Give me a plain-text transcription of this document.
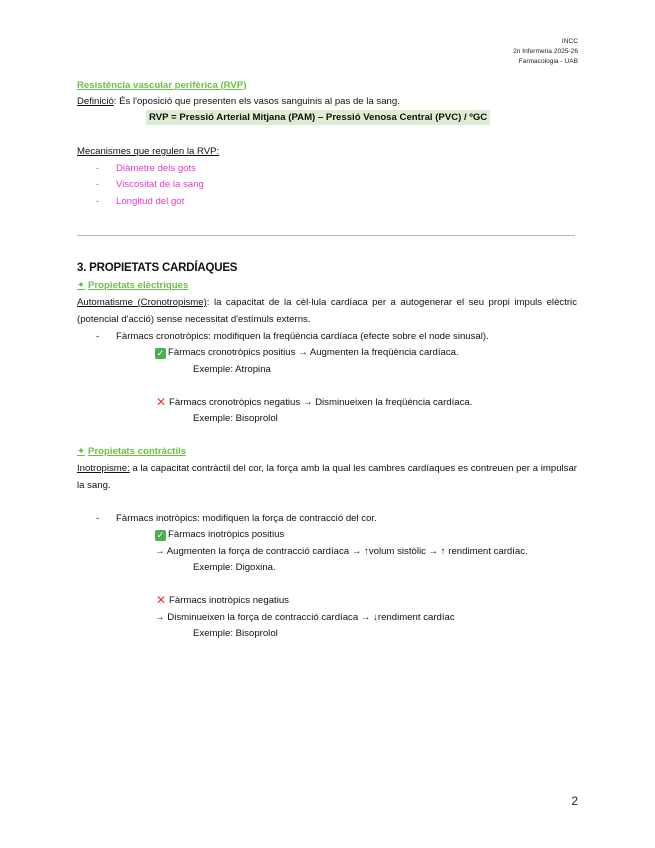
INCC
2n Infermeria 2025-26
Farmacologia - UAB
Resistència vascular perifèrica (RVP)
Definició: És l'oposició que presenten els vasos sanguinis al pas de la sang.
RVP = Pressió Arterial Mitjana (PAM) – Pressió Venosa Central (PVC) / ºGC
Mecanismes que regulen la RVP:
-	Diàmetre dels gots
-	Viscositat de la sang
-	Longitud del got
3. PROPIETATS CARDÍAQUES
✦ Propietats elèctriques
Automatisme (Cronotropisme): la capacitat de la cèl·lula cardíaca per a autogenerar el seu propi impuls elèctric (potencial d'acció) sense necessitat d'estímuls externs.
-	Fàrmacs cronotròpics: modifiquen la freqüència cardíaca (efecte sobre el node sinusal).
✓ Fàrmacs cronotròpics positius → Augmenten la freqüència cardíaca.
Exemple: Atropina
✕ Fàrmacs cronotròpics negatius → Disminueixen la freqüència cardíaca.
Exemple: Bisoprolol
✦ Propietats contràctils
Inotropisme: a la capacitat contràctil del cor, la força amb la qual les cambres cardíaques es contreuen per a impulsar la sang.
-	Fàrmacs inotròpics: modifiquen la força de contracció del cor.
✓ Fàrmacs inotròpics positius
→ Augmenten la força de contracció cardíaca → ↑volum sistòlic → ↑ rendiment cardíac.
Exemple: Digoxina.
✕ Fàrmacs inotròpics negatius
→ Disminueixen la força de contracció cardíaca → ↓rendiment cardíac
Exemple: Bisoprolol
2
